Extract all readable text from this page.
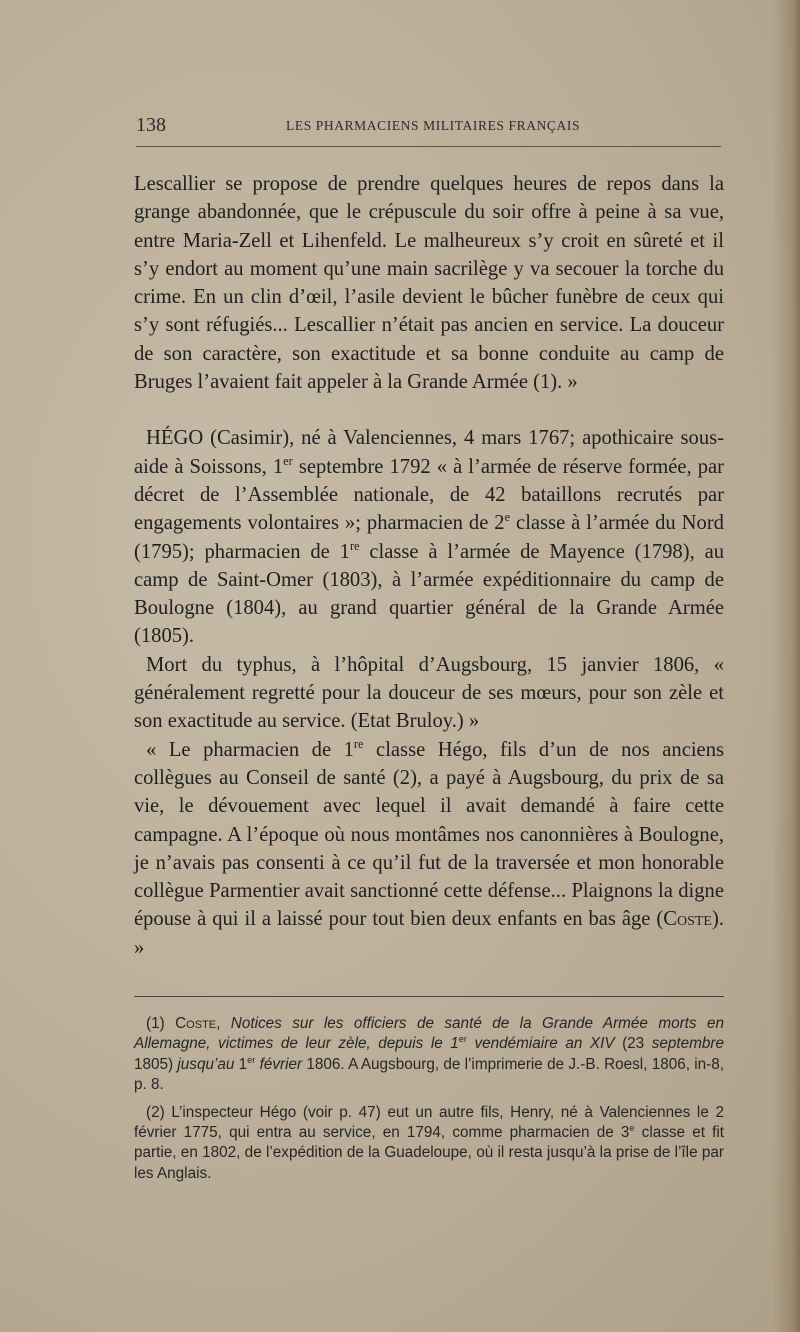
138	LES PHARMACIENS MILITAIRES FRANÇAIS

Lescallier se propose de prendre quelques heures de repos dans la grange abandonnée, que le crépuscule du soir offre à peine à sa vue, entre Maria-Zell et Lihenfeld. Le malheureux s’y croit en sûreté et il s’y endort au moment qu’une main sacrilège y va secouer la torche du crime. En un clin d’œil, l’asile devient le bûcher funèbre de ceux qui s’y sont réfugiés... Lescallier n’était pas ancien en service. La douceur de son caractère, son exactitude et sa bonne conduite au camp de Bruges l’avaient fait appeler à la Grande Armée (1). »

HÉGO (Casimir), né à Valenciennes, 4 mars 1767; apothicaire sous-aide à Soissons, 1er septembre 1792 « à l’armée de réserve formée, par décret de l’Assemblée nationale, de 42 bataillons recrutés par engagements volontaires »; pharmacien de 2e classe à l’armée du Nord (1795); pharmacien de 1re classe à l’armée de Mayence (1798), au camp de Saint-Omer (1803), à l’armée expéditionnaire du camp de Boulogne (1804), au grand quartier général de la Grande Armée (1805).

Mort du typhus, à l’hôpital d’Augsbourg, 15 janvier 1806, « généralement regretté pour la douceur de ses mœurs, pour son zèle et son exactitude au service. (Etat Bruloy.) »

« Le pharmacien de 1re classe Hégo, fils d’un de nos anciens collègues au Conseil de santé (2), a payé à Augsbourg, du prix de sa vie, le dévouement avec lequel il avait demandé à faire cette campagne. A l’époque où nous montâmes nos canonnières à Boulogne, je n’avais pas consenti à ce qu’il fut de la traversée et mon honorable collègue Parmentier avait sanctionné cette défense... Plaignons la digne épouse à qui il a laissé pour tout bien deux enfants en bas âge (Coste). »

(1) Coste, Notices sur les officiers de santé de la Grande Armée morts en Allemagne, victimes de leur zèle, depuis le 1er vendémiaire an XIV (23 septembre 1805) jusqu’au 1er février 1806. A Augsbourg, de l’imprimerie de J.-B. Roesl, 1806, in-8, p. 8.

(2) L’inspecteur Hégo (voir p. 47) eut un autre fils, Henry, né à Valenciennes le 2 février 1775, qui entra au service, en 1794, comme pharmacien de 3e classe et fit partie, en 1802, de l’expédition de la Guadeloupe, où il resta jusqu’à la prise de l’île par les Anglais.
